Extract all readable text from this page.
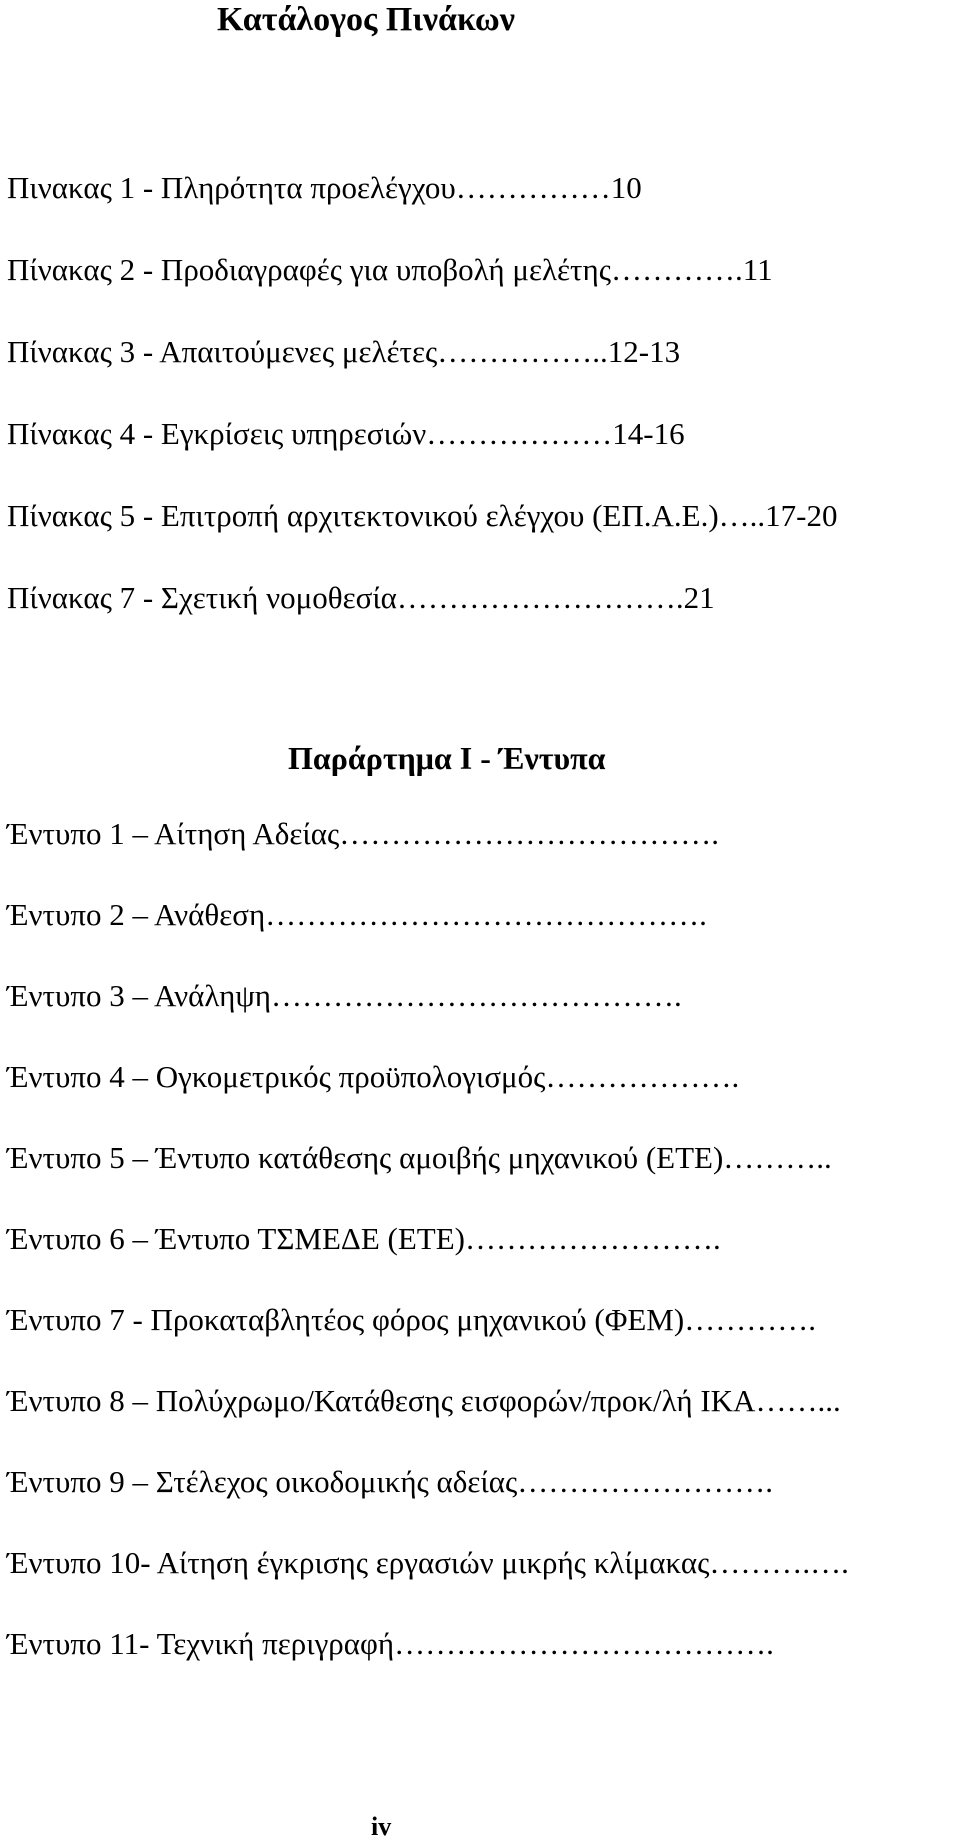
Κατάλογος Πινάκων
Πινακας 1 - Πληρότητα προελέγχου……………10
Πίνακας 2 - Προδιαγραφές για υποβολή μελέτης………….11
Πίνακας 3 - Απαιτούμενες μελέτες……………..12-13
Πίνακας 4 - Εγκρίσεις υπηρεσιών………………14-16
Πίνακας 5 - Επιτροπή αρχιτεκτονικού ελέγχου (ΕΠ.Α.Ε.)…..17-20
Πίνακας 7 - Σχετική νομοθεσία……………………….21
Παράρτημα Ι - Έντυπα
Έντυπο 1 – Αίτηση Αδείας……………………………….
Έντυπο 2 – Ανάθεση…………………………………….
Έντυπο 3 – Ανάληψη………………………………….
Έντυπο 4 – Ογκομετρικός προϋπολογισμός……………….
Έντυπο 5 – Έντυπο κατάθεσης αμοιβής μηχανικού (ΕΤΕ)………..
Έντυπο 6 – Έντυπο ΤΣΜΕΔΕ (ΕΤΕ)…………………….
Έντυπο 7 - Προκαταβλητέος φόρος μηχανικού (ΦΕΜ)………….
Έντυπο 8 – Πολύχρωμο/Κατάθεσης εισφορών/προκ/λή ΙΚΑ……...
Έντυπο 9 – Στέλεχος οικοδομικής αδείας…………………….
Έντυπο 10- Αίτηση έγκρισης εργασιών μικρής κλίμακας……….….
Έντυπο 11- Τεχνική περιγραφή……………………………….
iv
